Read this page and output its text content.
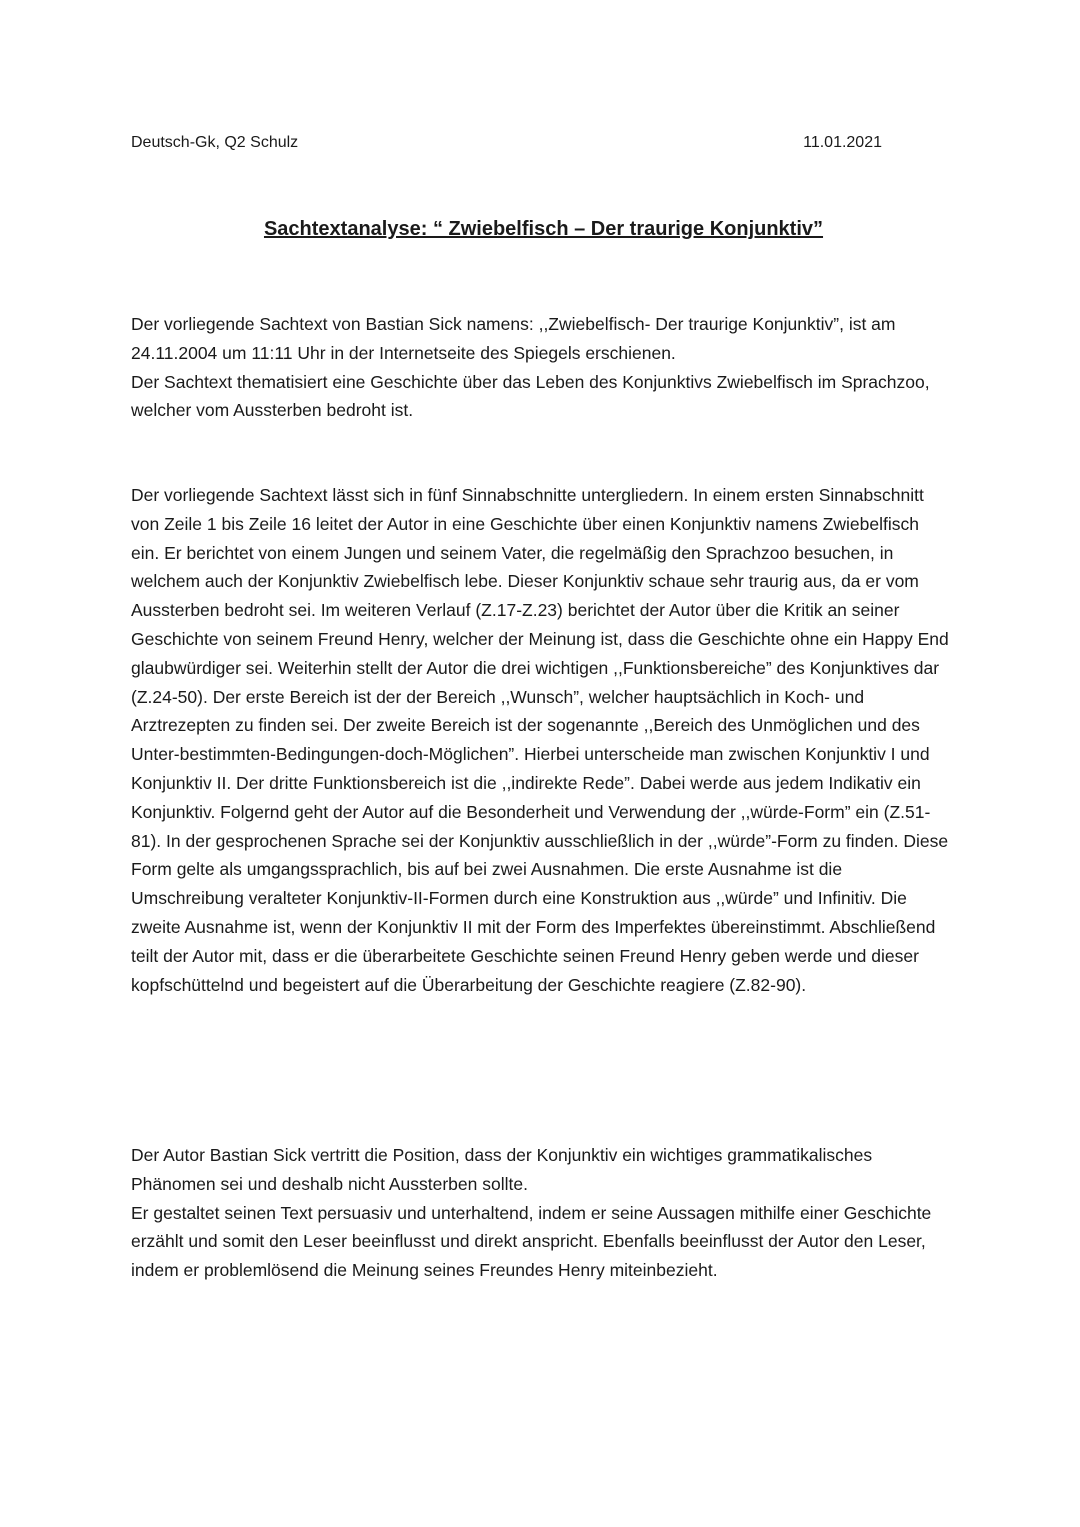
Deutsch-Gk, Q2 Schulz	11.01.2021
Sachtextanalyse: “ Zwiebelfisch – Der traurige Konjunktiv”

Der vorliegende Sachtext von Bastian Sick namens: ,,Zwiebelfisch- Der traurige Konjunktiv”, ist am 24.11.2004 um 11:11 Uhr in der Internetseite des Spiegels erschienen.

Der Sachtext thematisiert eine Geschichte über das Leben des Konjunktivs Zwiebelfisch im Sprachzoo, welcher vom Aussterben bedroht ist.

Der vorliegende Sachtext lässt sich in fünf Sinnabschnitte untergliedern. In einem ersten Sinnabschnitt von Zeile 1 bis Zeile 16 leitet der Autor in eine Geschichte über einen Konjunktiv namens Zwiebelfisch ein. Er berichtet von einem Jungen und seinem Vater, die regelmäßig den Sprachzoo besuchen, in welchem auch der Konjunktiv Zwiebelfisch lebe. Dieser Konjunktiv schaue sehr traurig aus, da er vom Aussterben bedroht sei. Im weiteren Verlauf (Z.17-Z.23) berichtet der Autor über die Kritik an seiner Geschichte von seinem Freund Henry, welcher der Meinung ist, dass die Geschichte ohne ein Happy End glaubwürdiger sei. Weiterhin stellt der Autor die drei wichtigen ,,Funktionsbereiche” des Konjunktives dar (Z.24-50). Der erste Bereich ist der der Bereich ,,Wunsch”, welcher hauptsächlich in Koch- und Arztrezepten zu finden sei. Der zweite Bereich ist der sogenannte ,,Bereich des Unmöglichen und des Unter-bestimmten-Bedingungen-doch-Möglichen”. Hierbei unterscheide man zwischen Konjunktiv I und Konjunktiv II. Der dritte Funktionsbereich ist die ,,indirekte Rede”. Dabei werde aus jedem Indikativ ein Konjunktiv. Folgernd geht der Autor auf die Besonderheit und Verwendung der ,,würde-Form” ein (Z.51-81). In der gesprochenen Sprache sei der Konjunktiv ausschließlich in der ,,würde”-Form zu finden. Diese Form gelte als umgangssprachlich, bis auf bei zwei Ausnahmen. Die erste Ausnahme ist die Umschreibung veralteter Konjunktiv-II-Formen durch eine Konstruktion aus ,,würde” und Infinitiv. Die zweite Ausnahme ist, wenn der Konjunktiv II mit der Form des Imperfektes übereinstimmt. Abschließend teilt der Autor mit, dass er die überarbeitete Geschichte seinen Freund Henry geben werde und dieser kopfschüttelnd und begeistert auf die Überarbeitung der Geschichte reagiere (Z.82-90).

Der Autor Bastian Sick vertritt die Position, dass der Konjunktiv ein wichtiges grammatikalisches Phänomen sei und deshalb nicht Aussterben sollte.

Er gestaltet seinen Text persuasiv und unterhaltend, indem er seine Aussagen mithilfe einer Geschichte erzählt und somit den Leser beeinflusst und direkt anspricht. Ebenfalls beeinflusst der Autor den Leser, indem er problemlösend die Meinung seines Freundes Henry miteinbezieht.
